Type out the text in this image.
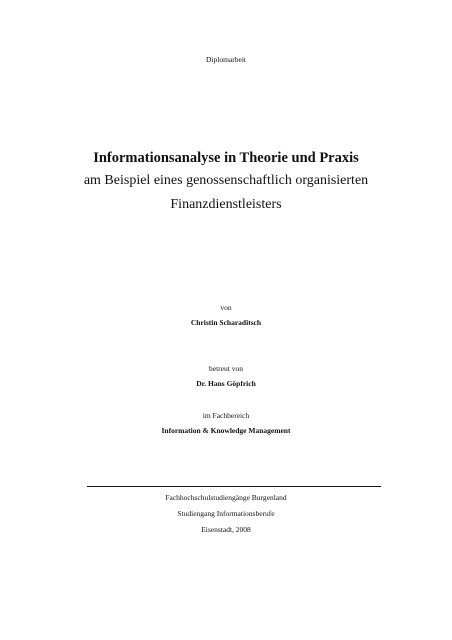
Diplomarbeit
Informationsanalyse in Theorie und Praxis
am Beispiel eines genossenschaftlich organisierten
Finanzdienstleisters
von
Christin Scharaditsch
betreut von
Dr. Hans Göpfrich
im Fachbereich
Information & Knowledge Management
Fachhochschulstudiengänge Burgenland
Studiengang Informationsberufe
Eisenstadt, 2008
